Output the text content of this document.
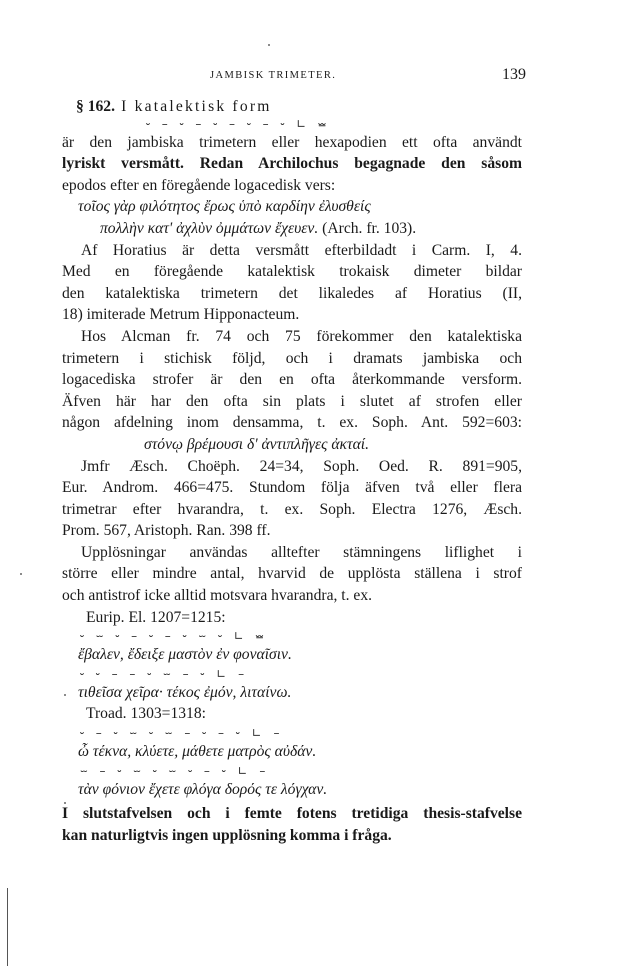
JAMBISK TRIMETER.	139
§ 162. I katalektisk form
⏑ – ⏑ – ⏑ – ⏑ – ⏑ ∟ ⏕
är den jambiska trimetern eller hexapodien ett ofta användt
lyriskt versmått. Redan Archilochus begagnade den såsom
epodos efter en föregående logacedisk vers:
τοῖος γὰρ φιλότητος ἔρως ὑπὸ καρδίην ἐλυσθείς
πολλὴν κατ' ἀχλὺν ὀμμάτων ἔχευεν. (Arch. fr. 103).
Af Horatius är detta versmått efterbildadt i Carm. I, 4.
Med en föregående katalektisk trokaisk dimeter bildar
den katalektiska trimetern det likaledes af Horatius (II,
18) imiterade Metrum Hipponacteum.
Hos Alcman fr. 74 och 75 förekommer den katalektiska
trimetern i stichisk följd, och i dramats jambiska och
logacediska strofer är den en ofta återkommande versform.
Äfven här har den ofta sin plats i slutet af strofen eller
någon afdelning inom densamma, t. ex. Soph. Ant. 592=603:
στόνῳ βρέμουσι δ' ἀντιπλῆγες ἀκταί.
Jmfr Æsch. Choëph. 24=34, Soph. Oed. R. 891=905,
Eur. Androm. 466=475. Stundom följa äfven två eller flera
trimetrar efter hvarandra, t. ex. Soph. Electra 1276, Æsch.
Prom. 567, Aristoph. Ran. 398 ff.
Upplösningar användas alltefter stämningens liflighet i
större eller mindre antal, hvarvid de upplösta ställena i strof
och antistrof icke alltid motsvara hvarandra, t. ex.
Eurip. El. 1207=1215:
⏑ ⏖ ⏑ – ⏑ – ⏑ ⏖ ⏑ ∟ ⏕
ἔβαλεν, ἔδειξε μαστὸν ἐν φοναῖσιν.
⏑ ⏑ – – ⏑ ⏖ – ⏑ ∟ –
τιθεῖσα χεῖρα· τέκος ἐμόν, λιταίνω.
Troad. 1303=1318:
⏑ – ⏑ ⏖ ⏑ ⏖ – ⏑ – ⏑ ∟ –
ὦ τέκνα, κλύετε, μάθετε ματρὸς αὐδάν.
⏖ – ⏑ ⏖ ⏑ ⏖ ⏑ – ⏑ ∟ –
τὰν φόνιον ἔχετε φλόγα δορός τε λόγχαν.
I slutstafvelsen och i femte fotens tretidiga thesis-stafvelse
kan naturligtvis ingen upplösning komma i fråga.
